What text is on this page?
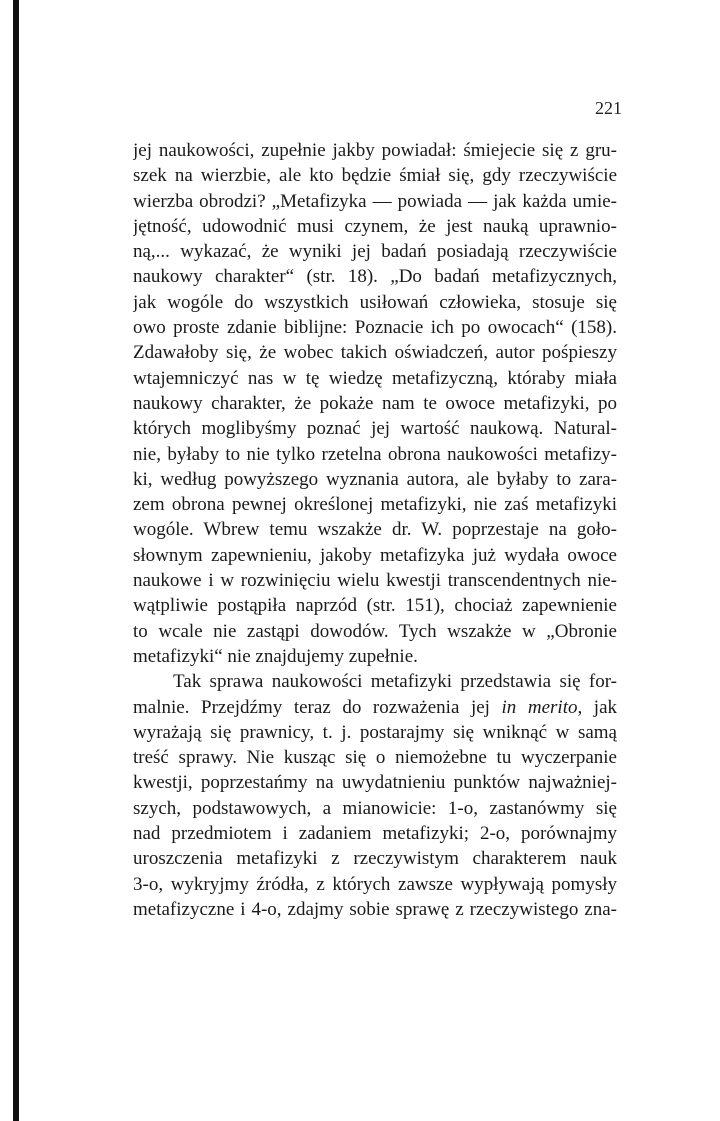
221
jej naukowości, zupełnie jakby powiadał: śmiejecie się z gru-
szek na wierzbie, ale kto będzie śmiał się, gdy rzeczywiście
wierzba obrodzi? „Metafizyka — powiada — jak każda umie-
jętność, udowodnić musi czynem, że jest nauką uprawnio-
ną,... wykazać, że wyniki jej badań posiadają rzeczywiście
naukowy charakter“ (str. 18). „Do badań metafizycznych,
jak wogóle do wszystkich usiłowań człowieka, stosuje się
owo proste zdanie biblijne: Poznacie ich po owocach“ (158).
Zdawałoby się, że wobec takich oświadczeń, autor pośpieszy
wtajemniczyć nas w tę wiedzę metafizyczną, któraby miała
naukowy charakter, że pokaże nam te owoce metafizyki, po
których moglibyśmy poznać jej wartość naukową. Natural-
nie, byłaby to nie tylko rzetelna obrona naukowości metafizy-
ki, według powyższego wyznania autora, ale byłaby to zara-
zem obrona pewnej określonej metafizyki, nie zaś metafizyki
wogóle. Wbrew temu wszakże dr. W. poprzestaje na goło-
słownym zapewnieniu, jakoby metafizyka już wydała owoce
naukowe i w rozwinięciu wielu kwestji transcendentnych nie-
wątpliwie postąpiła naprzód (str. 151), chociaż zapewnienie
to wcale nie zastąpi dowodów. Tych wszakże w „Obronie
metafizyki“ nie znajdujemy zupełnie.
Tak sprawa naukowości metafizyki przedstawia się for-
malnie. Przejdźmy teraz do rozważenia jej in merito, jak
wyrażają się prawnicy, t. j. postarajmy się wniknąć w samą
treść sprawy. Nie kusząc się o niemożebne tu wyczerpanie
kwestji, poprzestańmy na uwydatnieniu punktów najważniej-
szych, podstawowych, a mianowicie: 1-o, zastanówmy się
nad przedmiotem i zadaniem metafizyki; 2-o, porównajmy
uroszczenia metafizyki z rzeczywistym charakterem nauk
3-o, wykryjmy źródła, z których zawsze wypływają pomysły
metafizyczne i 4-o, zdajmy sobie sprawę z rzeczywistego zna-
